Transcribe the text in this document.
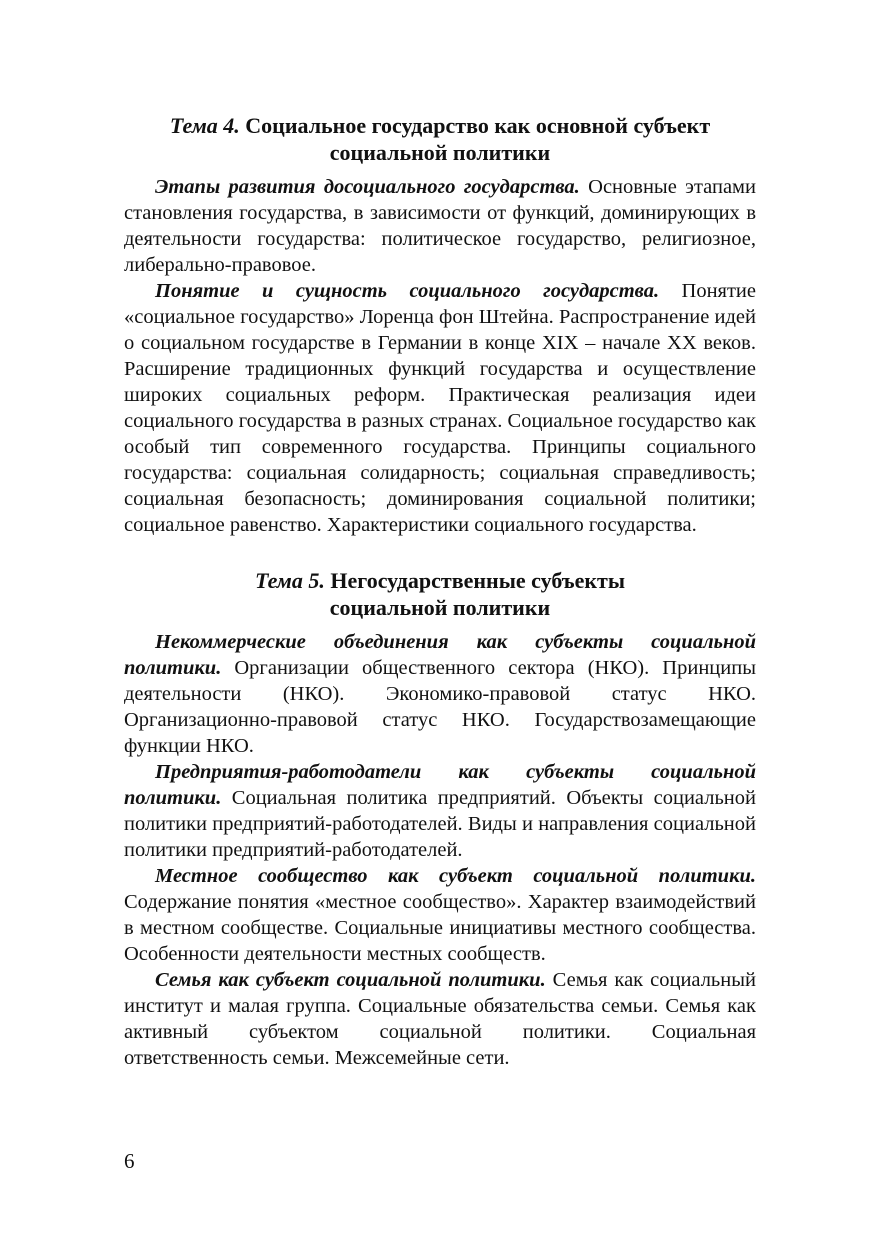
Тема 4. Социальное государство как основной субъект
социальной политики

Этапы развития досоциального государства. Основные этапами становления государства, в зависимости от функций, доминирующих в деятельности государства: политическое государство, религиозное, либерально-правовое.

Понятие и сущность социального государства. Понятие «социальное государство» Лоренца фон Штейна. Распространение идей о социальном государстве в Германии в конце XIX – начале XX веков. Расширение традиционных функций государства и осуществление широких социальных реформ. Практическая реализация идеи социального государства в разных странах. Социальное государство как особый тип современного государства. Принципы социального государства: социальная солидарность; социальная справедливость; социальная безопасность; доминирования социальной политики; социальное равенство. Характеристики социального государства.

Тема 5. Негосударственные субъекты
социальной политики

Некоммерческие объединения как субъекты социальной политики. Организации общественного сектора (НКО). Принципы деятельности (НКО). Экономико-правовой статус НКО. Организационно-правовой статус НКО. Государствозамещающие функции НКО.

Предприятия-работодатели как субъекты социальной политики. Социальная политика предприятий. Объекты социальной политики предприятий-работодателей. Виды и направления социальной политики предприятий-работодателей.

Местное сообщество как субъект социальной политики. Содержание понятия «местное сообщество». Характер взаимодействий в местном сообществе. Социальные инициативы местного сообщества. Особенности деятельности местных сообществ.

Семья как субъект социальной политики. Семья как социальный институт и малая группа. Социальные обязательства семьи. Семья как активный субъектом социальной политики. Социальная ответственность семьи. Межсемейные сети.

6
